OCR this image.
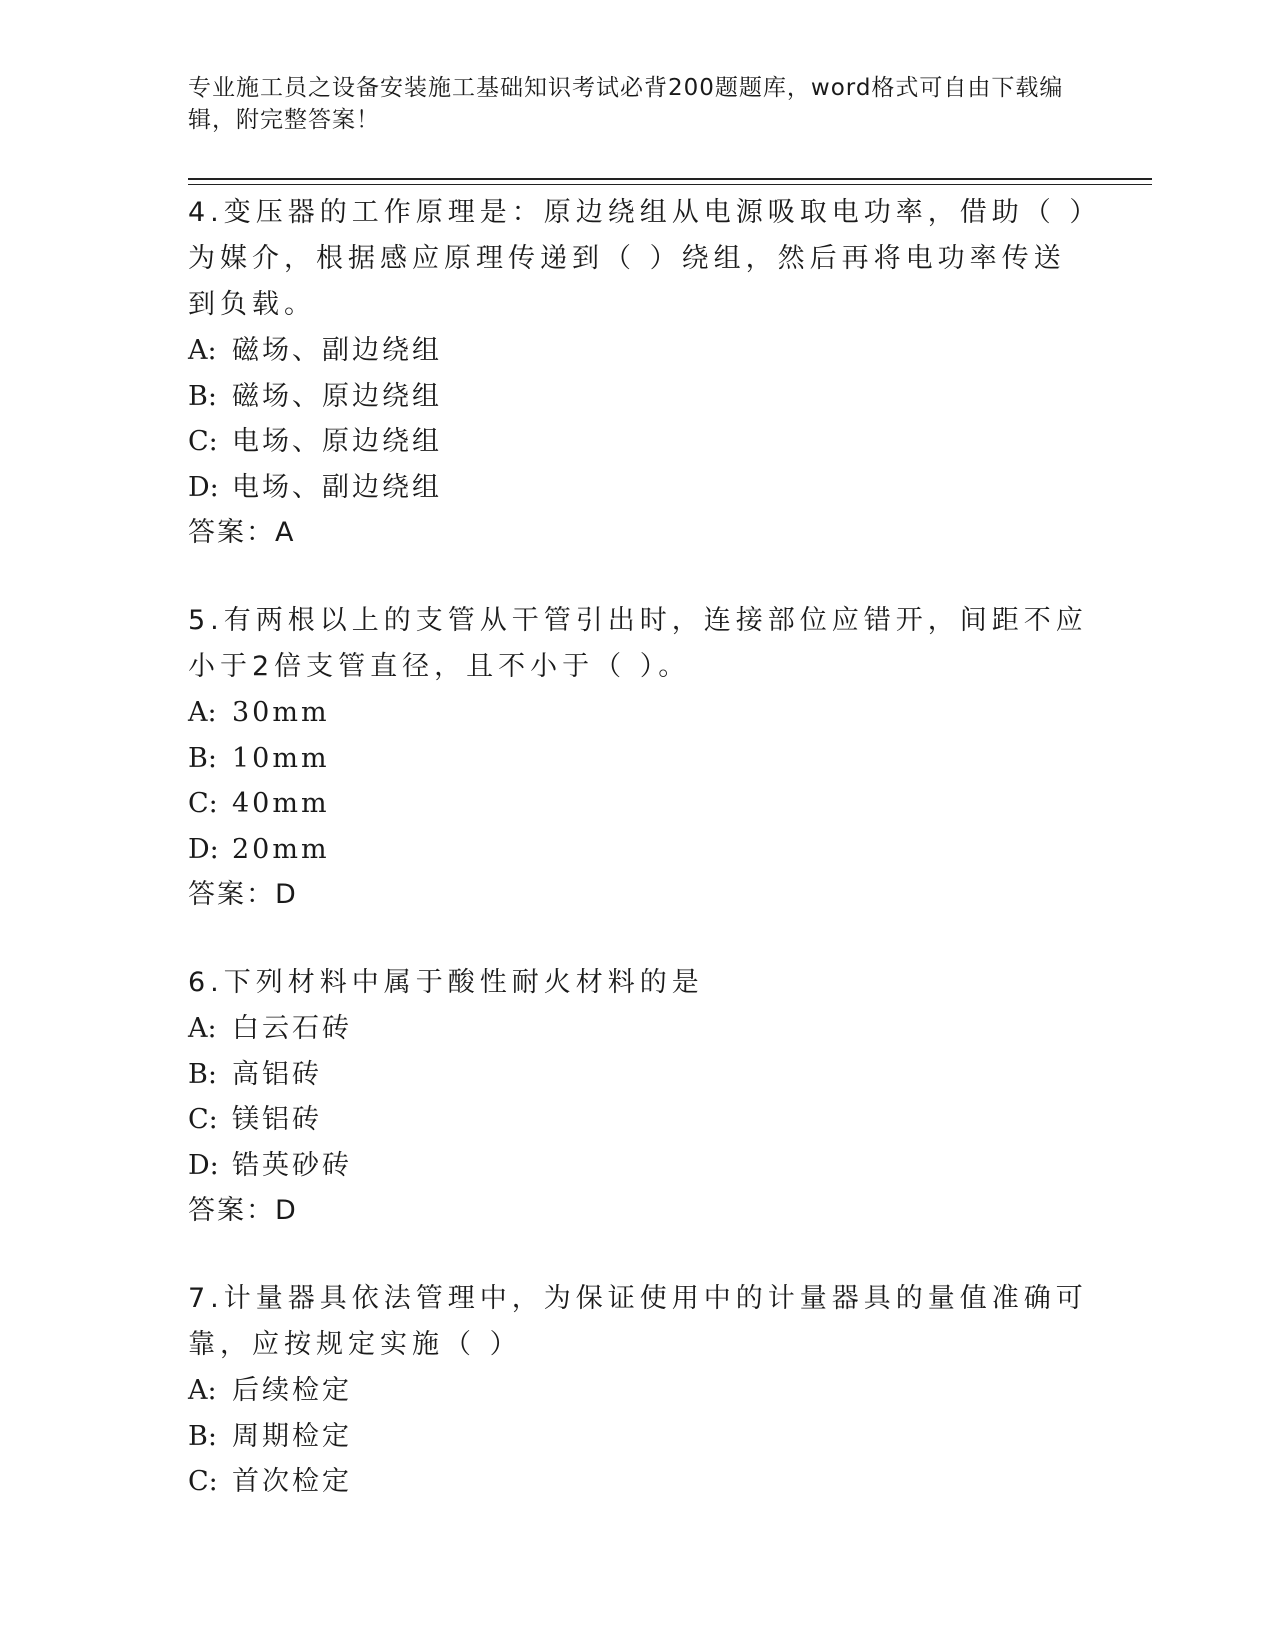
专业施工员之设备安装施工基础知识考试必背200题题库，word格式可自由下载编辑，附完整答案！

4.变压器的工作原理是：原边绕组从电源吸取电功率，借助（ ）为媒介，根据感应原理传递到（ ）绕组，然后再将电功率传送到负载。

A: 磁场、副边绕组

B: 磁场、原边绕组

C: 电场、原边绕组

D: 电场、副边绕组

答案：A

5.有两根以上的支管从干管引出时，连接部位应错开，间距不应小于2倍支管直径，且不小于（ ）。

A: 30mm

B: 10mm

C: 40mm

D: 20mm

答案：D

6.下列材料中属于酸性耐火材料的是

A: 白云石砖

B: 高铝砖

C: 镁铝砖

D: 锆英砂砖

答案：D

7.计量器具依法管理中，为保证使用中的计量器具的量值准确可靠，应按规定实施（ ）

A: 后续检定

B: 周期检定

C: 首次检定
